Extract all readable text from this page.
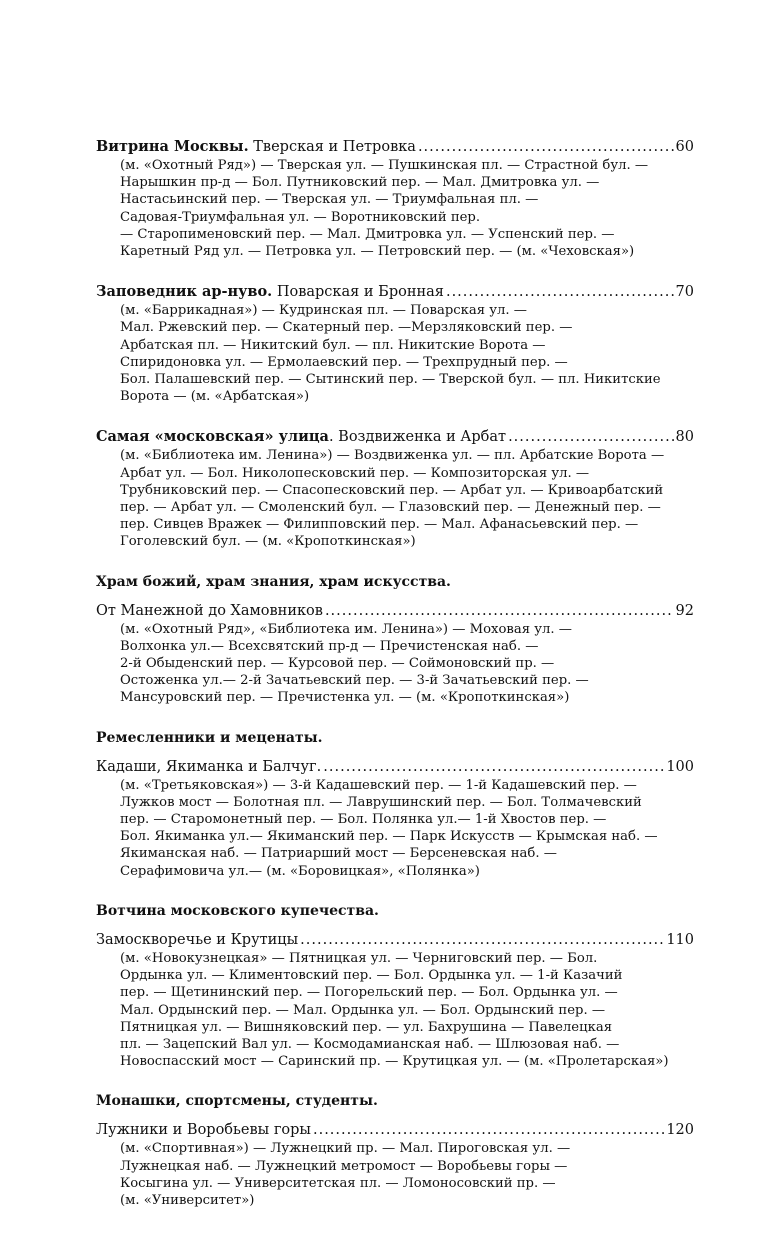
Витрина Москвы. Тверская и Петровка .....	60
(м. «Охотный Ряд») — Тверская ул. — Пушкинская пл. — Страстной бул. —
Нарышкин пр-д — Бол. Путниковский пер. — Мал. Дмитровка ул. —
Настасьинский пер. — Тверская ул. — Триумфальная пл. —
Садовая-Триумфальная ул. — Воротниковский пер.
— Старопименовский пер. — Мал. Дмитровка ул. — Успенский пер. —
Каретный Ряд ул. — Петровка ул. — Петровский пер. — (м. «Чеховская»)
Заповедник ар-нуво. Поварская и Бронная .....	70
(м. «Баррикадная») — Кудринская пл. — Поварская ул. —
Мал. Ржевский пер. — Скатерный пер. —Мерзляковский пер. —
Арбатская пл. — Никитский бул. — пл. Никитские Ворота —
Спиридоновка ул. — Ермолаевский пер. — Трехпрудный пер. —
Бол. Палашевский пер. — Сытинский пер. — Тверской бул. — пл. Никитские
Ворота — (м. «Арбатская»)
Самая «московская» улица. Воздвиженка и Арбат .....	80
(м. «Библиотека им. Ленина») — Воздвиженка ул. — пл. Арбатские Ворота —
Арбат ул. — Бол. Николопесковский пер. — Композиторская ул. —
Трубниковский пер. — Спасопесковский пер. — Арбат ул. — Кривоарбатский
пер. — Арбат ул. — Смоленский бул. — Глазовский пер. — Денежный пер. —
пер. Сивцев Вражек — Филипповский пер. — Мал. Афанасьевский пер. —
Гоголевский бул. — (м. «Кропоткинская»)
Храм божий, храм знания, храм искусства.
От Манежной до Хамовников .....	92
(м. «Охотный Ряд», «Библиотека им. Ленина») — Моховая ул. —
Волхонка ул.— Всехсвятский пр-д — Пречистенская наб. —
2-й Обыденский пер. — Курсовой пер. — Соймоновский пр. —
Остоженка ул.— 2-й Зачатьевский пер. — 3-й Зачатьевский пер. —
Мансуровский пер. — Пречистенка ул. — (м. «Кропоткинская»)
Ремесленники и меценаты.
Кадаши, Якиманка и Балчуг. .....	100
(м. «Третьяковская») — 3-й Кадашевский пер. — 1-й Кадашевский пер. —
Лужков мост — Болотная пл. — Лаврушинский пер. — Бол. Толмачевский
пер. — Старомонетный пер. — Бол. Полянка ул.— 1-й Хвостов пер. —
Бол. Якиманка ул.— Якиманский пер. — Парк Искусств — Крымская наб. —
Якиманская наб. — Патриарший мост — Берсеневская наб. —
Серафимовича ул.— (м. «Боровицкая», «Полянка»)
Вотчина московского купечества.
Замоскворечье и Крутицы .....	110
(м. «Новокузнецкая» — Пятницкая ул. — Черниговский пер. — Бол.
Ордынка ул. — Климентовский пер. — Бол. Ордынка ул. — 1-й Казачий
пер. — Щетининский пер. — Погорельский пер. — Бол. Ордынка ул. —
Мал. Ордынский пер. — Мал. Ордынка ул. — Бол. Ордынский пер. —
Пятницкая ул. — Вишняковский пер. — ул. Бахрушина — Павелецкая
пл. — Зацепский Вал ул. — Космодамианская наб. — Шлюзовая наб. —
Новоспасский мост — Саринский пр. — Крутицкая ул. — (м. «Пролетарская»)
Монашки, спортсмены, студенты.
Лужники и Воробьевы горы .....	120
(м. «Спортивная») — Лужнецкий пр. — Мал. Пироговская ул. —
Лужнецкая наб. — Лужнецкий метромост — Воробьевы горы —
Косыгина ул. — Университетская пл. — Ломоносовский пр. —
(м. «Университет»)
